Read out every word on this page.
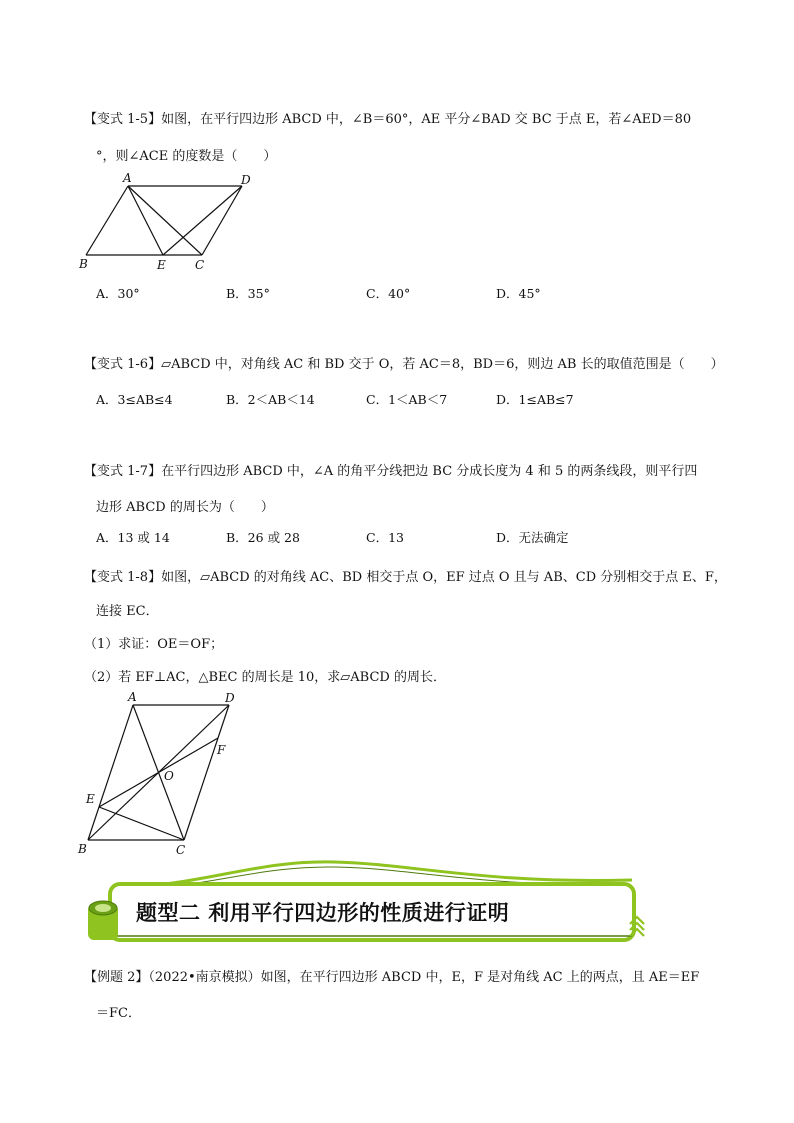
【变式 1-5】如图，在平行四边形 ABCD 中，∠B＝60°，AE 平分∠BAD 交 BC 于点 E，若∠AED＝80
°，则∠ACE 的度数是（　　）
A	D
B	E C
A．30°	B．35°	C．40°	D．45°
【变式 1-6】▱ABCD 中，对角线 AC 和 BD 交于 O，若 AC＝8，BD＝6，则边 AB 长的取值范围是（　　）
A．3≤AB≤4	B．2＜AB＜14	C．1＜AB＜7	D．1≤AB≤7
【变式 1-7】在平行四边形 ABCD 中，∠A 的角平分线把边 BC 分成长度为 4 和 5 的两条线段，则平行四
边形 ABCD 的周长为（　　）
A．13 或 14	B．26 或 28	C．13	D．无法确定
【变式 1-8】如图，▱ABCD 的对角线 AC、BD 相交于点 O，EF 过点 O 且与 AB、CD 分别相交于点 E、F，
连接 EC．
（1）求证：OE＝OF；
（2）若 EF⊥AC，△BEC 的周长是 10，求▱ABCD 的周长．
A	D
F
O
E
B	C
题型二 利用平行四边形的性质进行证明
【例题 2】（2022•南京模拟）如图，在平行四边形 ABCD 中，E，F 是对角线 AC 上的两点，且 AE＝EF
＝FC．
